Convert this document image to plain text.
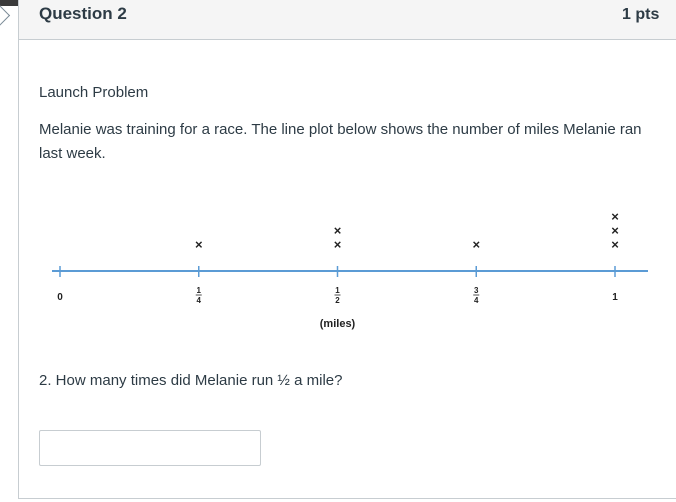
Question 2	1 pts
Launch Problem
Melanie was training for a race. The line plot below shows the number of miles Melanie ran last week.
0
1
4
×
1
2
×
×
3
4
×
1
×
×
×
(miles)
2. How many times did Melanie run ½ a mile?
